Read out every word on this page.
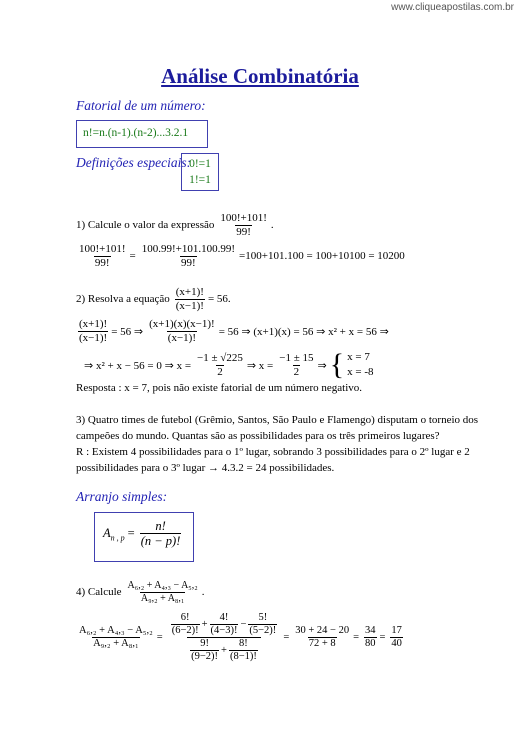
www.cliqueapostilas.com.br
Análise Combinatória
Fatorial de um número:
n!=n.(n-1).(n-2)...3.2.1
Definições especiais:
0!=1
1!=1
1) Calcule o valor da expressão $\frac{100!+101!}{99!}$ .
$\frac{100!+101!}{99!} = \frac{100.99!+101.100.99!}{99!} =100+101.100 = 100+10100 = 10200$
2) Resolva a equação $\frac{(x+1)!}{(x-1)!} = 56$.
$\frac{(x+1)!}{(x-1)!} = 56$ ⇒ $\frac{(x+1)(x)(x-1)!}{(x-1)!} = 56$ ⇒ (x+1)(x) = 56 ⇒ x² + x = 56 ⇒
⇒ x² + x − 56 = 0 ⇒ $x = \frac{-1 \pm √225}{2}$ ⇒ $x = \frac{-1 \pm 15}{2}$ ⇒ { x = 7
x = -8
Resposta : x = 7, pois não existe fatorial de um número negativo.

3) Quatro times de futebol (Grêmio, Santos, São Paulo e Flamengo) disputam o torneio dos

campeões do mundo. Quantas são as possibilidades para os três primeiros lugares?

R : Existem 4 possibilidades para o 1º lugar, sobrando 3 possibilidades para o 2º lugar e 2

possibilidades para o 3º lugar → 4.3.2 = 24 possibilidades.

Arranjo simples:
$A_{n , p} = \frac{n!}{(n - p)!}$
4) Calcule $\frac{\text{A₆,₂ + A₄,₃ − A₅,₂}}{\text{A₉,₂ + A₈,₁}}$ .
$\frac{\text{A₆,₂ + A₄,₃ − A₅,₂}}{\text{A₉,₂ + A₈,₁}}$ =
$\frac{6!}{(6-2)!} + \frac{4!}{(4-3)!} - \frac{5!}{(5-2)!}$
$\frac{9!}{(9-2)!} + \frac{8!}{(8-1)!}$
= $\frac{30 + 24 - 20}{72 + 8} = \frac{34}{80} = \frac{17}{40}$
